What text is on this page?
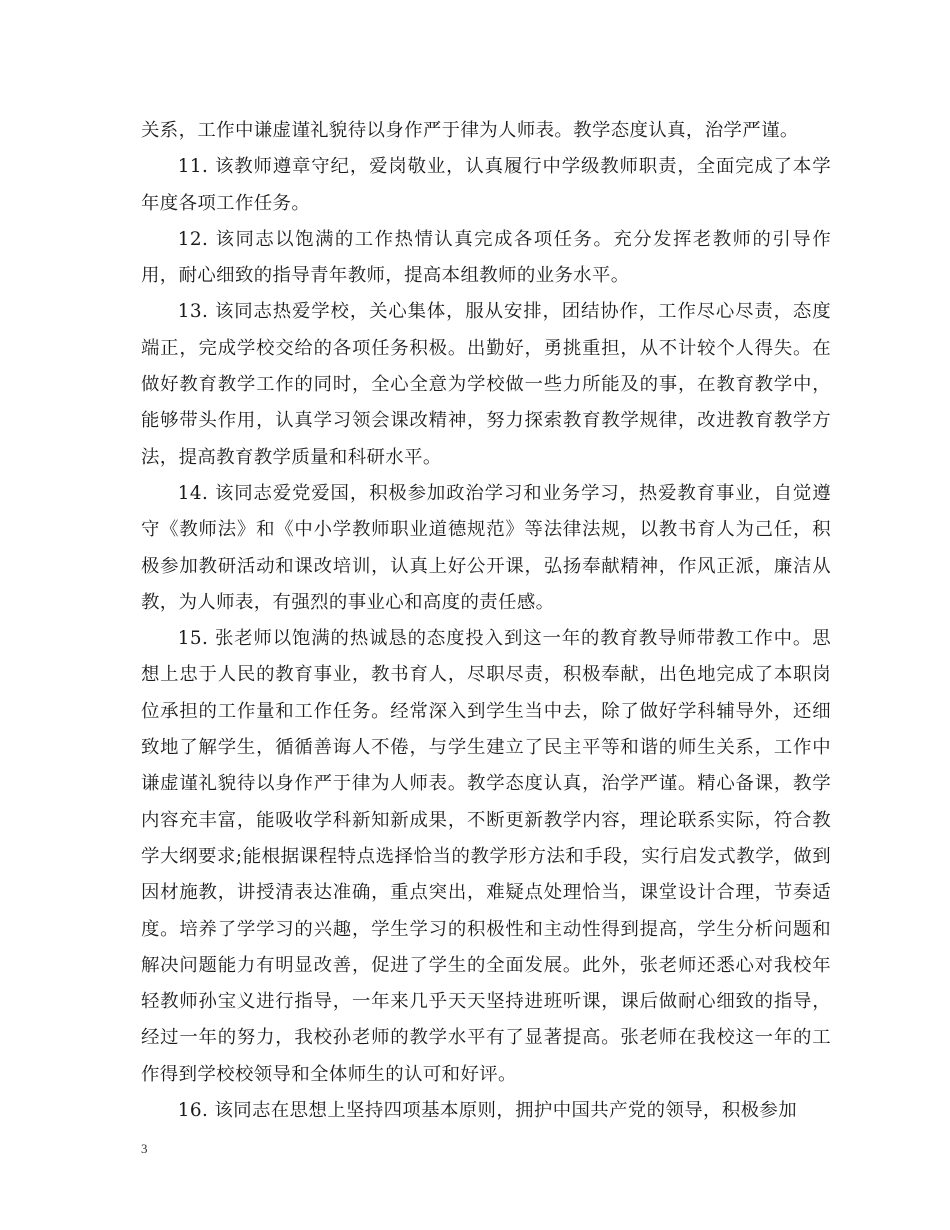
关系，工作中谦虚谨礼貌待以身作严于律为人师表。教学态度认真，治学严谨。

11. 该教师遵章守纪，爱岗敬业，认真履行中学级教师职责，全面完成了本学年度各项工作任务。

12. 该同志以饱满的工作热情认真完成各项任务。充分发挥老教师的引导作用，耐心细致的指导青年教师，提高本组教师的业务水平。

13. 该同志热爱学校，关心集体，服从安排，团结协作，工作尽心尽责，态度端正，完成学校交给的各项任务积极。出勤好，勇挑重担，从不计较个人得失。在做好教育教学工作的同时，全心全意为学校做一些力所能及的事，在教育教学中，能够带头作用，认真学习领会课改精神，努力探索教育教学规律，改进教育教学方法，提高教育教学质量和科研水平。

14. 该同志爱党爱国，积极参加政治学习和业务学习，热爱教育事业，自觉遵守《教师法》和《中小学教师职业道德规范》等法律法规，以教书育人为己任，积极参加教研活动和课改培训，认真上好公开课，弘扬奉献精神，作风正派，廉洁从教，为人师表，有强烈的事业心和高度的责任感。

15. 张老师以饱满的热诚恳的态度投入到这一年的教育教导师带教工作中。思想上忠于人民的教育事业，教书育人，尽职尽责，积极奉献，出色地完成了本职岗位承担的工作量和工作任务。经常深入到学生当中去，除了做好学科辅导外，还细致地了解学生，循循善诲人不倦，与学生建立了民主平等和谐的师生关系，工作中谦虚谨礼貌待以身作严于律为人师表。教学态度认真，治学严谨。精心备课，教学内容充丰富，能吸收学科新知新成果，不断更新教学内容，理论联系实际，符合教学大纲要求;能根据课程特点选择恰当的教学形方法和手段，实行启发式教学，做到因材施教，讲授清表达准确，重点突出，难疑点处理恰当，课堂设计合理，节奏适度。培养了学学习的兴趣，学生学习的积极性和主动性得到提高，学生分析问题和解决问题能力有明显改善，促进了学生的全面发展。此外，张老师还悉心对我校年轻教师孙宝义进行指导，一年来几乎天天坚持进班听课，课后做耐心细致的指导，经过一年的努力，我校孙老师的教学水平有了显著提高。张老师在我校这一年的工作得到学校校领导和全体师生的认可和好评。

16. 该同志在思想上坚持四项基本原则，拥护中国共产党的领导，积极参加

3
